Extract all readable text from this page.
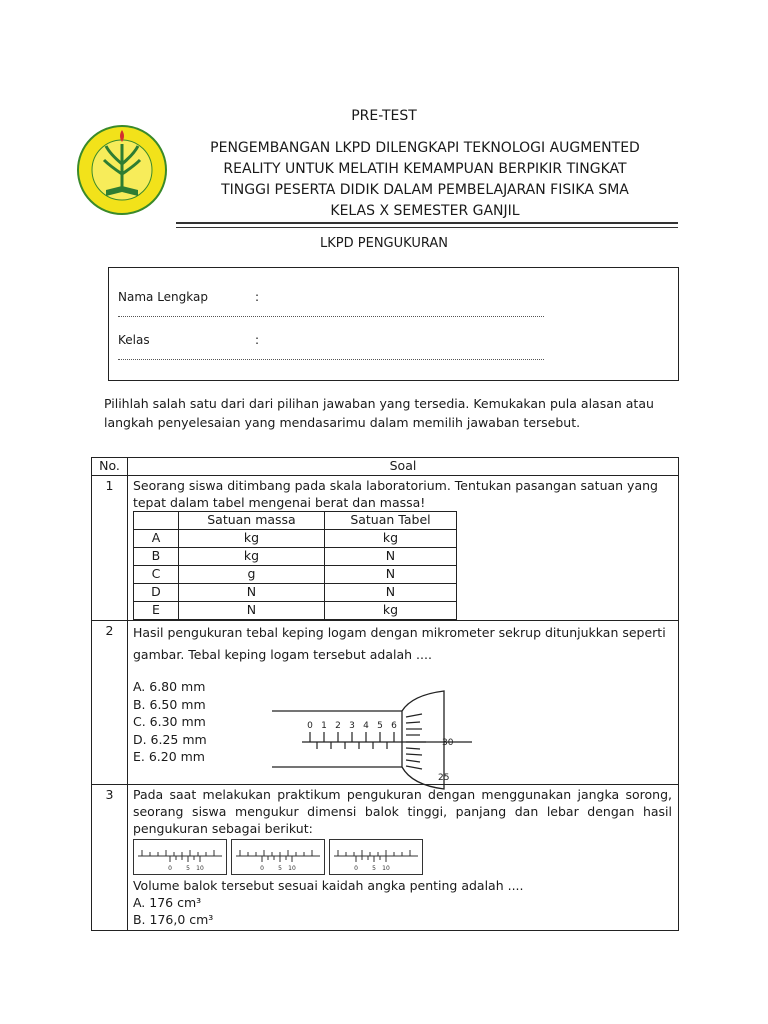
PRE-TEST
PENGEMBANGAN LKPD DILENGKAPI TEKNOLOGI AUGMENTED
REALITY UNTUK MELATIH KEMAMPUAN BERPIKIR TINGKAT
TINGGI PESERTA DIDIK DALAM PEMBELAJARAN FISIKA SMA
KELAS X SEMESTER GANJIL
LKPD PENGUKURAN
Nama Lengkap	:
Kelas	:
Pilihlah salah satu dari dari pilihan jawaban yang tersedia. Kemukakan pula alasan atau langkah penyelesaian yang mendasarimu dalam memilih jawaban tersebut.
No.	Soal
1	Seorang siswa ditimbang pada skala laboratorium. Tentukan pasangan satuan yang tepat dalam tabel mengenai berat dan massa!
	Satuan massa	Satuan Tabel
A	kg	kg
B	kg	N
C	g	N
D	N	N
E	N	kg

2	Hasil pengukuran tebal keping logam dengan mikrometer sekrup ditunjukkan seperti gambar. Tebal keping logam tersebut adalah ....
A. 6.80 mm
B. 6.50 mm
C. 6.30 mm
D. 6.25 mm
E. 6.20 mm
0 1 2 3 4 5 6
30
25

3	Pada saat melakukan praktikum pengukuran dengan menggunakan jangka sorong, seorang siswa mengukur dimensi balok tinggi, panjang dan lebar dengan hasil pengukuran sebagai berikut:
0 5 10	0 5 10	0 5 10
Volume balok tersebut sesuai kaidah angka penting adalah ....
A. 176 cm³
B. 176,0 cm³
